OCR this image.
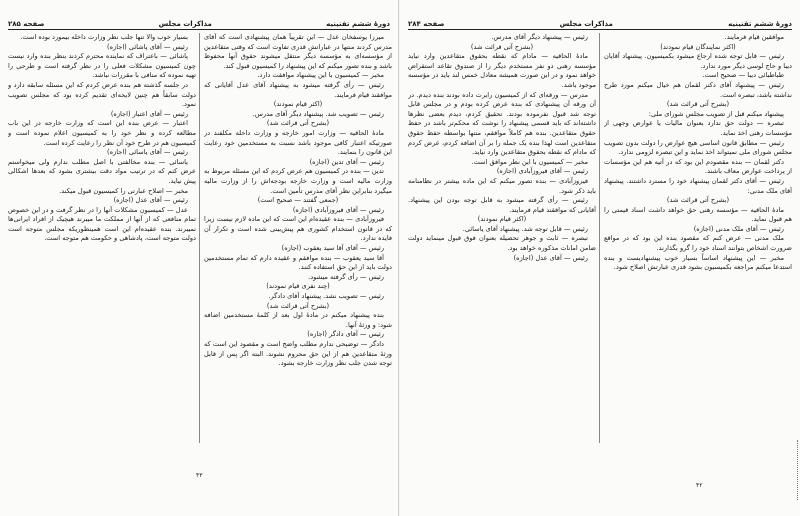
دورهٔ ششم تقنینیه
مذاکرات مجلس
صفحه ۲۸۵

میرزا یوسفخان عدل — این تقریباً همان پیشنهادی است که آقای مدرس کردند منتها در عباراتش قدری تفاوت است که وقتی متقاعدین از مؤسسه‌ای به مؤسسه دیگر منتقل میشوند حقوق آنها محفوظ باشد و بنده تصور میکنم که این پیشنهاد را کمیسیون قبول کند.

مخبر — کمیسیون با این پیشنهاد موافقت دارد.

رئیس — رأی گرفته میشود به پیشنهاد آقای عدل آقایانی که موافقند قیام فرمایند.

(اکثر قیام نمودند)

رئیس — تصویب شد. پیشنهاد دیگر آقای مدرس.

(بشرح آتی قرائت شد)

مادهٔ الحاقیه — وزارت امور خارجه و وزارت داخله مکلفند در صورتیکه اعتبار کافی موجود باشد نسبت به مستخدمین خود رعایت این قانون را بنمایند.

رئیس — آقای تدین (اجازه)

تدین — بنده در کمیسیون هم عرض کردم که این مسئله مربوط به وزارت مالیه است و وزارت خارجه بودجه‌اش را از وزارت مالیه میگیرد بنابراین نظر آقای مدرس تأمین است.

(جمعی گفتند — صحیح است)

رئیس — آقای فیروزآبادی (اجازه)

فیروزآبادی — بنده عقیده‌ام این است که این ماده لازم نیست زیرا که در قانون استخدام کشوری هم پیش‌بینی شده است و تکرار آن فایده ندارد.

رئیس — آقای آقا سید یعقوب (اجازه)

آقا سید یعقوب — بنده موافقم و عقیده دارم که تمام مستخدمین دولت باید از این حق استفاده کنند.

رئیس — رأی گرفته میشود.

(چند نفری قیام نمودند)

رئیس — تصویب نشد. پیشنهاد آقای دادگر.

(بشرح آتی قرائت شد)

بنده پیشنهاد میکنم در مادهٔ اول بعد از کلمهٔ مستخدمین اضافه شود: و ورثهٔ آنها.

رئیس — آقای دادگر (اجازه)

دادگر — توضیحی ندارم مطلب واضح است و مقصود این است که ورثهٔ متقاعدین هم از این حق محروم نشوند. البته اگر پس از قابل توجه شدن جلب نظر وزارت خارجه بشود.

بسیار خوب والا تنها جلب نظر وزارت داخله بیمورد بوده است.

رئیس — آقای پاشائی (اجازه)

پاشائی — باعتراف که نماینده محترم کردند بنظر بنده وارد نیست چون کمیسیون مشکلات فعلی را در نظر گرفته است و طرحی را تهیه نموده که منافی با مقررات نباشد.

در جلسه گذشته هم بنده عرض کردم که این مسئله سابقه دارد و دولت سابقاً هم چنین لایحه‌ای تقدیم کرده بود که مجلس تصویب نمود.

رئیس — آقای اعتبار (اجازه)

اعتبار — عرض بنده این است که وزارت خارجه در این باب مطالعه کرده و نظر خود را به کمیسیون اعلام نموده است و کمیسیون هم در طرح خود آن نظر را رعایت کرده است.

رئیس — آقای یاسائی (اجازه)

یاسائی — بنده مخالفتی با اصل مطلب ندارم ولی میخواستم عرض کنم که در ترتیب مواد دقت بیشتری بشود که بعدها اشکالی پیش نیاید.

مخبر — اصلاح عبارتی را کمیسیون قبول میکند.

رئیس — آقای عدل (اجازه)

عدل — کمیسیون مشکلات آنها را در نظر گرفت و در این خصوص تمام منافعی که از آنها از مملکت ما میبرند هیچیک از افراد ایرانی‌ها نمیبرند. بنده عقیده‌ام این است همینطوریکه مجلس متوجه است دولت متوجه است، پادشاهی و حکومت هم متوجه است.

۴۳
دورهٔ ششم تقنینیه
مذاکرات مجلس
صفحه ۲۸۴

موافقین قیام فرمایند.

(اکثر نمایندگان قیام نمودند)

رئیس — قابل توجه شده ارجاع میشود بکمیسیون. پیشنهاد آقایان دیبا و حاج لوسی دیگر مورد ندارد.

طباطبائی دیبا — صحیح است.

رئیس — پیشنهاد آقای دکتر لقمان هم خیال میکنم مورد طرح نداشته باشد، تبصره است.

(بشرح آتی قرائت شد)

پیشنهاد میکنم قبل از تصویب مجلس شورای ملی:

تبصره — دولت حق ندارد بعنوان مالیات یا عوارض وجهی از مؤسسات رهنی اخذ نماید.

رئیس — مطابق قانون اساسی هیچ عوارض را دولت بدون تصویب مجلس شورای ملی نمیتواند اخذ نماید و این تبصره لزومی ندارد.

دکتر لقمان — بنده مقصودم این بود که در آتیه هم این مؤسسات از پرداخت عوارض معاف باشند.

رئیس — آقای دکتر لقمان پیشنهاد خود را مسترد داشتند. پیشنهاد آقای ملک مدنی:

(بشرح آتی قرائت شد)

مادهٔ الحاقیه — مؤسسه رهنی حق خواهد داشت اسناد قیمتی را هم قبول نماید.

رئیس — آقای ملک مدنی (اجازه)

ملک مدنی — عرض کنم که مقصود بنده این بود که در مواقع ضرورت اشخاص بتوانند اسناد خود را گرو بگذارند.

مخبر — این پیشنهاد اساساً بسیار خوب پیشنهادیست و بنده استدعا میکنم مراجعه بکمیسیون بشود قدری عبارتش اصلاح شود.

رئیس — پیشنهاد دیگر آقای مدرس.

(بشرح آتی قرائت شد)

مادهٔ الحاقیه — مادام که نقطه بحقوق متقاعدین وارد نیاید مؤسسه رهنی دو نفر مستخدم دیگر را از صندوق تقاعد استقراض خواهد نمود و در این صورت همیشه معادل خمس لند باید در مؤسسه موجود باشد.

مدرس — ورقه‌ای که از کمیسیون رایرت داده بودند بنده دیدم. در آن ورقه آن پیشنهادی که بنده عرض کرده بودم و در مجلس قابل توجه شد قبول نفرموده بودند. تحقیق کردم، دیدم بعضی نظرها داشته‌اند که باید قسمی پیشنهاد را نوشت که محکم‌تر باشد در حفظ حقوق متقاعدین. بنده هم کاملاً موافقم، منتها بواسطه حفظ حقوق متقاعدین است لهذا بنده یک جمله را بر آن اضافه کردم، عرض کردم که مادام که نقطه بحقوق متقاعدین وارد نیاید.

مخبر — کمیسیون با این نظر موافق است.

رئیس — آقای فیروزآبادی (اجازه)

فیروزآبادی — بنده تصور میکنم که این ماده بیشتر در نظامنامه باید ذکر شود.

رئیس — رأی گرفته میشود به قابل توجه بودن این پیشنهاد. آقایانی که موافقند قیام فرمایند.

(اکثر قیام نمودند)

رئیس — قابل توجه شد. پیشنهاد آقای یاسائی.

تبصره — ثابت و جوهر تحصیله بعنوان فوق قبول مینماید دولت ضامن امانات مذکوره خواهد بود.

رئیس — آقای عدل (اجازه)

۴۲
